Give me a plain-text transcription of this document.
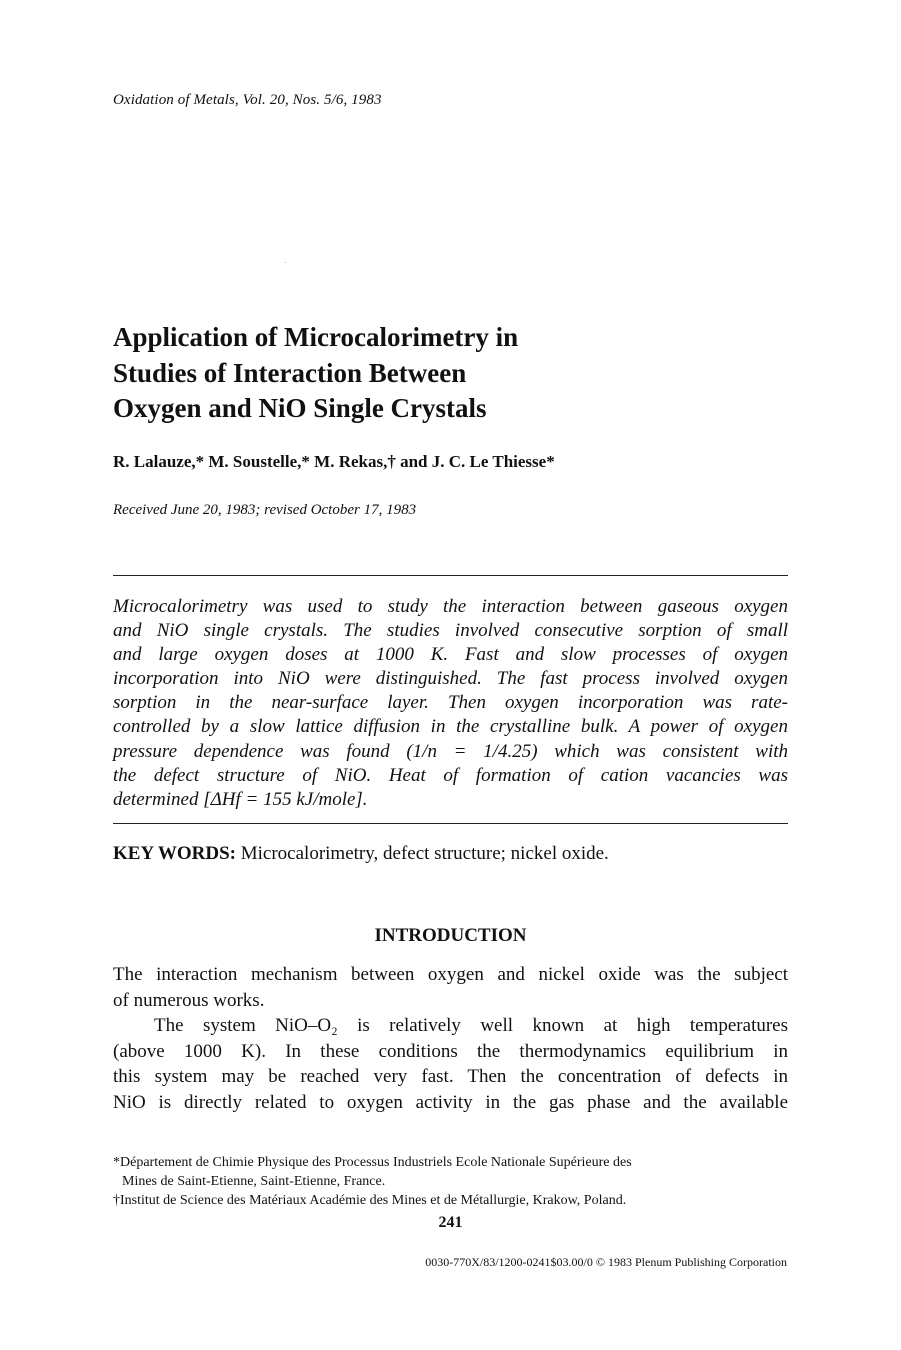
Oxidation of Metals, Vol. 20, Nos. 5/6, 1983
Application of Microcalorimetry in
Studies of Interaction Between
Oxygen and NiO Single Crystals
R. Lalauze,* M. Soustelle,* M. Rekas,† and J. C. Le Thiesse*
Received June 20, 1983; revised October 17, 1983
Microcalorimetry was used to study the interaction between gaseous oxygen
and NiO single crystals. The studies involved consecutive sorption of small
and large oxygen doses at 1000 K. Fast and slow processes of oxygen
incorporation into NiO were distinguished. The fast process involved oxygen
sorption in the near-surface layer. Then oxygen incorporation was rate-
controlled by a slow lattice diffusion in the crystalline bulk. A power of oxygen
pressure dependence was found (1/n = 1/4.25) which was consistent with
the defect structure of NiO. Heat of formation of cation vacancies was
determined [ΔHf = 155 kJ/mole].
KEY WORDS: Microcalorimetry, defect structure; nickel oxide.
INTRODUCTION
The interaction mechanism between oxygen and nickel oxide was the subject
of numerous works.
The system NiO–O₂ is relatively well known at high temperatures
(above 1000 K). In these conditions the thermodynamics equilibrium in
this system may be reached very fast. Then the concentration of defects in
NiO is directly related to oxygen activity in the gas phase and the available
*Département de Chimie Physique des Processus Industriels Ecole Nationale Supérieure des
Mines de Saint-Etienne, Saint-Etienne, France.
†Institut de Science des Matériaux Académie des Mines et de Métallurgie, Krakow, Poland.
241
0030-770X/83/1200-0241$03.00/0 © 1983 Plenum Publishing Corporation
